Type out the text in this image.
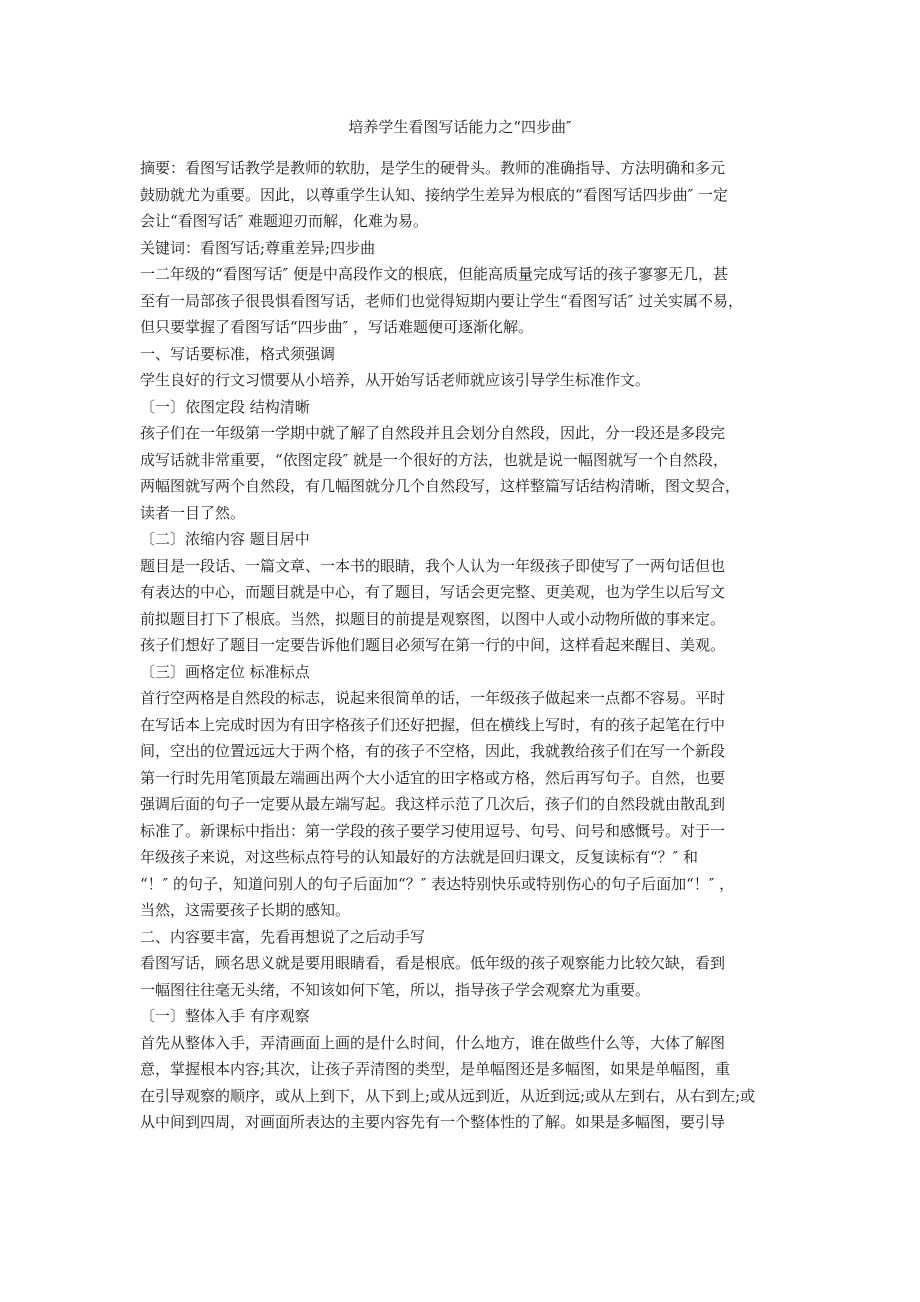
培养学生看图写话能力之“四步曲″
摘要：看图写话教学是教师的软肋，是学生的硬骨头。教师的准确指导、方法明确和多元
鼓励就尤为重要。因此，以尊重学生认知、接纳学生差异为根底的“看图写话四步曲″ 一定
会让“看图写话″ 难题迎刃而解，化难为易。
关键词：看图写话;尊重差异;四步曲
一二年级的“看图写话″ 便是中高段作文的根底，但能高质量完成写话的孩子寥寥无几，甚
至有一局部孩子很畏惧看图写话，老师们也觉得短期内要让学生“看图写话″ 过关实属不易，
但只要掌握了看图写话“四步曲″ ，写话难题便可逐渐化解。
一、写话要标准，格式须强调
学生良好的行文习惯要从小培养，从开始写话老师就应该引导学生标准作文。
〔一〕依图定段 结构清晰
孩子们在一年级第一学期中就了解了自然段并且会划分自然段，因此，分一段还是多段完
成写话就非常重要，“依图定段″ 就是一个很好的方法，也就是说一幅图就写一个自然段，
两幅图就写两个自然段，有几幅图就分几个自然段写，这样整篇写话结构清晰，图文契合，
读者一目了然。
〔二〕浓缩内容 题目居中
题目是一段话、一篇文章、一本书的眼睛，我个人认为一年级孩子即使写了一两句话但也
有表达的中心，而题目就是中心，有了题目，写话会更完整、更美观，也为学生以后写文
前拟题目打下了根底。当然，拟题目的前提是观察图，以图中人或小动物所做的事来定。
孩子们想好了题目一定要告诉他们题目必须写在第一行的中间，这样看起来醒目、美观。
〔三〕画格定位 标准标点
首行空两格是自然段的标志，说起来很简单的话，一年级孩子做起来一点都不容易。平时
在写话本上完成时因为有田字格孩子们还好把握，但在横线上写时，有的孩子起笔在行中
间，空出的位置远远大于两个格，有的孩子不空格，因此，我就教给孩子们在写一个新段
第一行时先用笔顶最左端画出两个大小适宜的田字格或方格，然后再写句子。自然，也要
强调后面的句子一定要从最左端写起。我这样示范了几次后，孩子们的自然段就由散乱到
标准了。新课标中指出：第一学段的孩子要学习使用逗号、句号、问号和感慨号。对于一
年级孩子来说，对这些标点符号的认知最好的方法就是回归课文，反复读标有“？″ 和
“！″ 的句子，知道问别人的句子后面加“？″ 表达特别快乐或特别伤心的句子后面加“！″ ，
当然，这需要孩子长期的感知。
二、内容要丰富，先看再想说了之后动手写
看图写话，顾名思义就是要用眼睛看，看是根底。低年级的孩子观察能力比较欠缺，看到
一幅图往往毫无头绪，不知该如何下笔，所以，指导孩子学会观察尤为重要。
〔一〕整体入手 有序观察
首先从整体入手，弄清画面上画的是什么时间，什么地方，谁在做些什么等，大体了解图
意，掌握根本内容;其次，让孩子弄清图的类型，是单幅图还是多幅图，如果是单幅图，重
在引导观察的顺序，或从上到下，从下到上;或从远到近，从近到远;或从左到右，从右到左;或
从中间到四周，对画面所表达的主要内容先有一个整体性的了解。如果是多幅图，要引导
